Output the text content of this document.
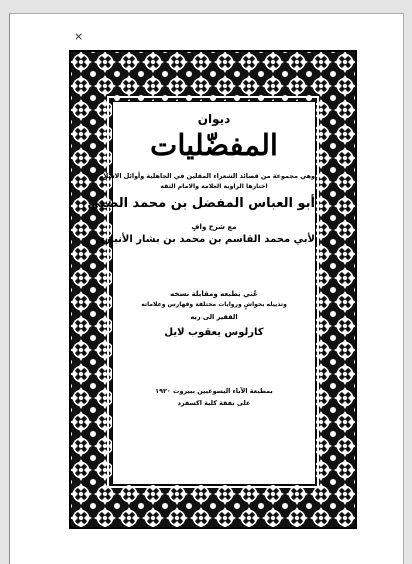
×
ديوان
المفضّليات
وهي مجموعة من قصائد الشعراء المقلين في الجاهلية وأوائل الاسلام
اختارها الراوية العلامة والامام الثقة
أبو العباس المفضل بن محمد الضبي
مع شرح وافٍ
لأبي محمد القاسم بن محمد بن بشار الأنباري
عُني بطبعه ومقابلة نسخه
وتذييله بحواشٍ وروايات مختلفة وفهارس وعلاماته
الفقير الى ربه
كارلوس يعقوب لايل
بمطبعة الآباء اليسوعيين ببيروت ١٩٢٠
على نفقة كلية اكسفرد
